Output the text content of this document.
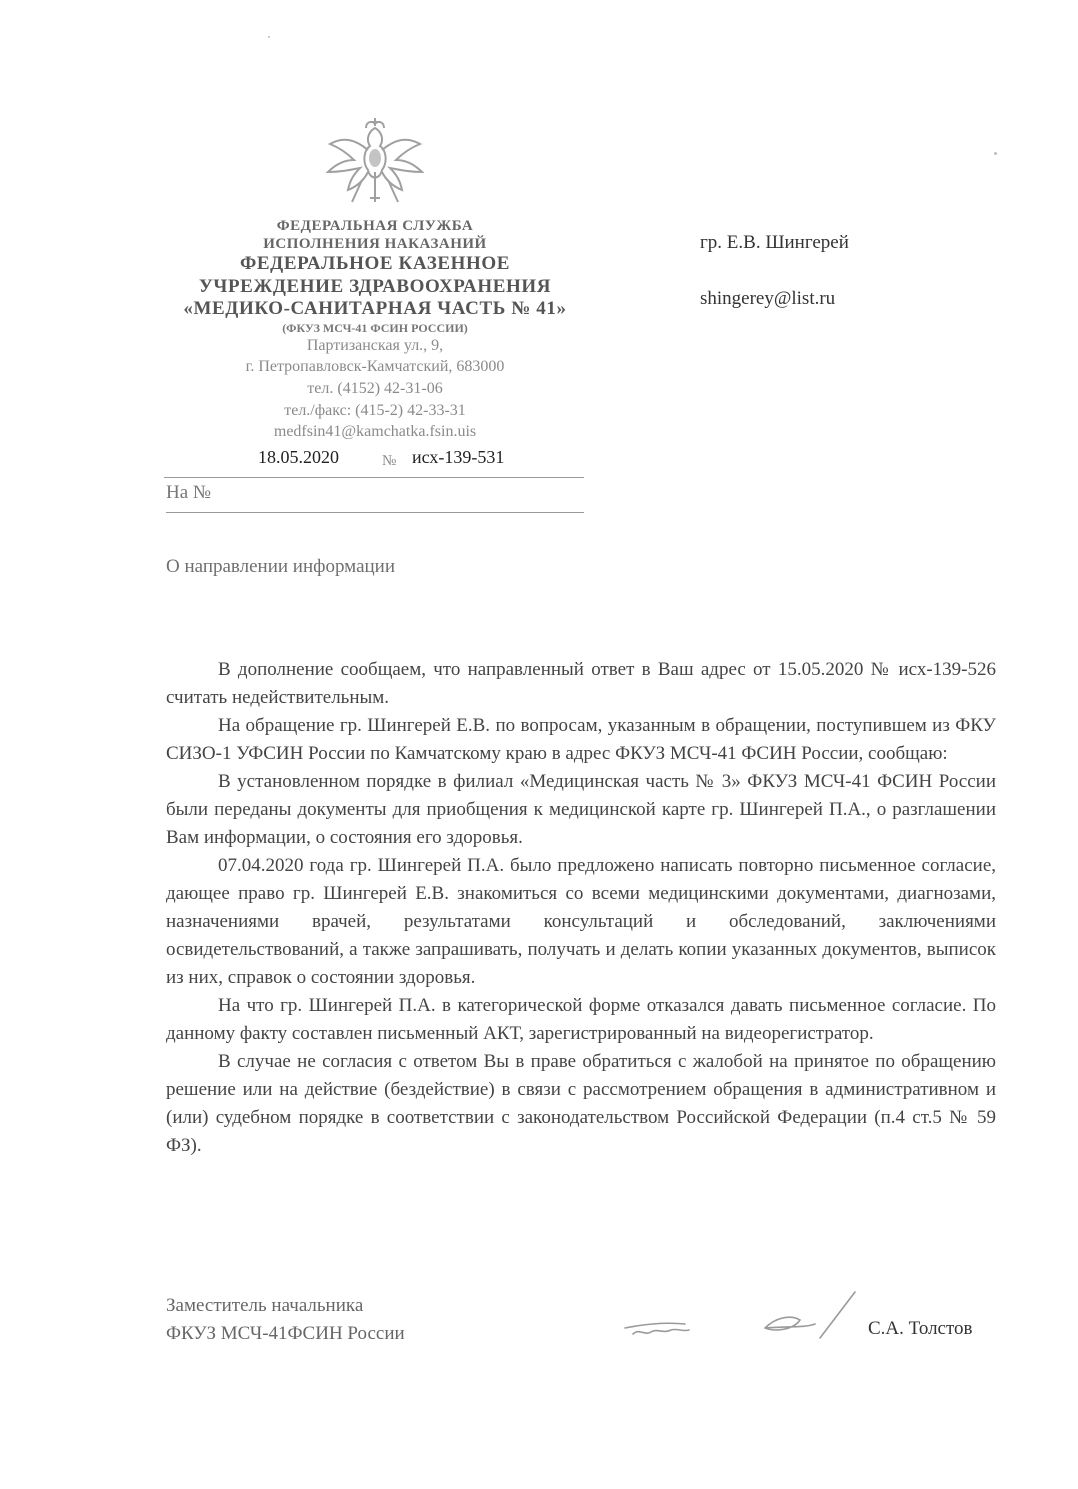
ФЕДЕРАЛЬНАЯ СЛУЖБА
ИСПОЛНЕНИЯ НАКАЗАНИЙ
ФЕДЕРАЛЬНОЕ КАЗЕННОЕ
УЧРЕЖДЕНИЕ ЗДРАВООХРАНЕНИЯ
«МЕДИКО-САНИТАРНАЯ ЧАСТЬ № 41»
(ФКУЗ МСЧ-41 ФСИН РОССИИ)
Партизанская ул., 9,
г. Петропавловск-Камчатский, 683000
тел. (4152) 42-31-06
тел./факс: (415-2) 42-33-31
medfsin41@kamchatka.fsin.uis
18.05.2020	№ исх-139-531
На №
гр. Е.В. Шингерей
shingerey@list.ru
О направлении информации

В дополнение сообщаем, что направленный ответ в Ваш адрес от 15.05.2020 № исх-139-526 считать недействительным.

На обращение гр. Шингерей Е.В. по вопросам, указанным в обращении, поступившем из ФКУ СИЗО-1 УФСИН России по Камчатскому краю в адрес ФКУЗ МСЧ-41 ФСИН России, сообщаю:

В установленном порядке в филиал «Медицинская часть № 3» ФКУЗ МСЧ-41 ФСИН России были переданы документы для приобщения к медицинской карте гр. Шингерей П.А., о разглашении Вам информации, о состояния его здоровья.

07.04.2020 года гр. Шингерей П.А. было предложено написать повторно письменное согласие, дающее право гр. Шингерей Е.В. знакомиться со всеми медицинскими документами, диагнозами, назначениями врачей, результатами консультаций и обследований, заключениями освидетельствований, а также запрашивать, получать и делать копии указанных документов, выписок из них, справок о состоянии здоровья.

На что гр. Шингерей П.А. в категорической форме отказался давать письменное согласие. По данному факту составлен письменный АКТ, зарегистрированный на видеорегистратор.

В случае не согласия с ответом Вы в праве обратиться с жалобой на принятое по обращению решение или на действие (бездействие) в связи с рассмотрением обращения в административном и (или) судебном порядке в соответствии с законодательством Российской Федерации (п.4 ст.5 № 59 ФЗ).

Заместитель начальника
ФКУЗ МСЧ-41ФСИН России	С.А. Толстов
